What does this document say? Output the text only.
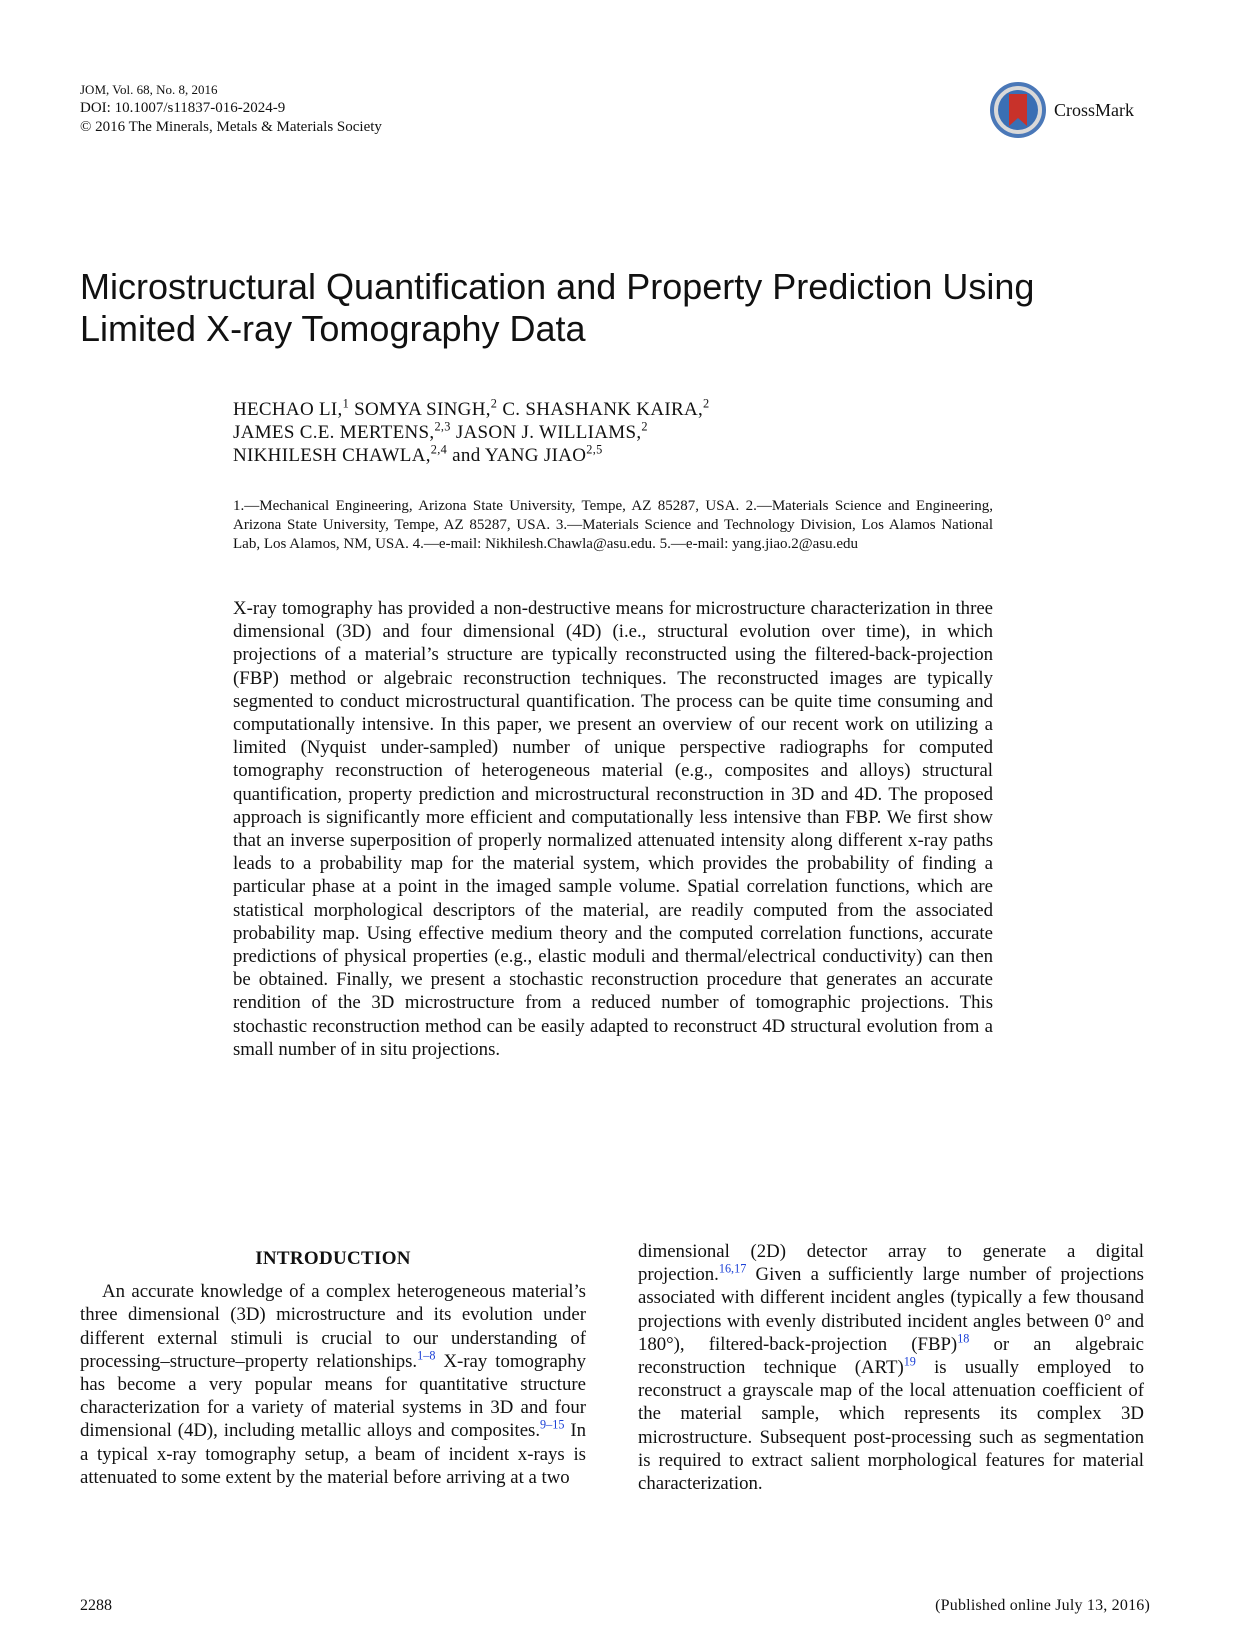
JOM, Vol. 68, No. 8, 2016
DOI: 10.1007/s11837-016-2024-9
© 2016 The Minerals, Metals & Materials Society
CrossMark
Microstructural Quantification and Property Prediction Using
Limited X-ray Tomography Data
HECHAO LI,$^1$ SOMYA SINGH,$^2$ C. SHASHANK KAIRA,$^2$
JAMES C.E. MERTENS,$^{2,3}$ JASON J. WILLIAMS,$^2$
NIKHILESH CHAWLA,$^{2,4}$ and YANG JIAO$^{2,5}$
1.—Mechanical Engineering, Arizona State University, Tempe, AZ 85287, USA. 2.—Materials Science and Engineering, Arizona State University, Tempe, AZ 85287, USA. 3.—Materials Science and Technology Division, Los Alamos National Lab, Los Alamos, NM, USA. 4.—e-mail: Nikhilesh.Chawla@asu.edu. 5.—e-mail: yang.jiao.2@asu.edu

X-ray tomography has provided a non-destructive means for microstructure characterization in three dimensional (3D) and four dimensional (4D) (i.e., structural evolution over time), in which projections of a material’s structure are typically reconstructed using the filtered-back-projection (FBP) method or algebraic reconstruction techniques. The reconstructed images are typically segmented to conduct microstructural quantification. The process can be quite time consuming and computationally intensive. In this paper, we present an overview of our recent work on utilizing a limited (Nyquist under-sampled) number of unique perspective radiographs for computed tomography reconstruction of heterogeneous material (e.g., composites and alloys) structural quantification, property prediction and microstructural reconstruction in 3D and 4D. The proposed approach is significantly more efficient and computationally less intensive than FBP. We first show that an inverse superposition of properly normalized attenuated intensity along different x-ray paths leads to a probability map for the material system, which provides the probability of finding a particular phase at a point in the imaged sample volume. Spatial correlation functions, which are statistical morphological descriptors of the material, are readily computed from the associated probability map. Using effective medium theory and the computed correlation functions, accurate predictions of physical properties (e.g., elastic moduli and thermal/electrical conductivity) can then be obtained. Finally, we present a stochastic reconstruction procedure that generates an accurate rendition of the 3D microstructure from a reduced number of tomographic projections. This stochastic reconstruction method can be easily adapted to reconstruct 4D structural evolution from a small number of in situ projections.

INTRODUCTION

An accurate knowledge of a complex heterogeneous material’s three dimensional (3D) microstructure and its evolution under different external stimuli is crucial to our understanding of processing–structure–property relationships.$^{1-8}$ X-ray tomography has become a very popular means for quantitative structure characterization for a variety of material systems in 3D and four dimensional (4D), including metallic alloys and composites.$^{9-15}$ In a typical x-ray tomography setup, a beam of incident x-rays is attenuated to some extent by the material before arriving at a two

dimensional (2D) detector array to generate a digital projection.$^{16,17}$ Given a sufficiently large number of projections associated with different incident angles (typically a few thousand projections with evenly distributed incident angles between 0° and 180°), filtered-back-projection (FBP)$^{18}$ or an algebraic reconstruction technique (ART)$^{19}$ is usually employed to reconstruct a grayscale map of the local attenuation coefficient of the material sample, which represents its complex 3D microstructure. Subsequent post-processing such as segmentation is required to extract salient morphological features for material characterization.

2288	(Published online July 13, 2016)
